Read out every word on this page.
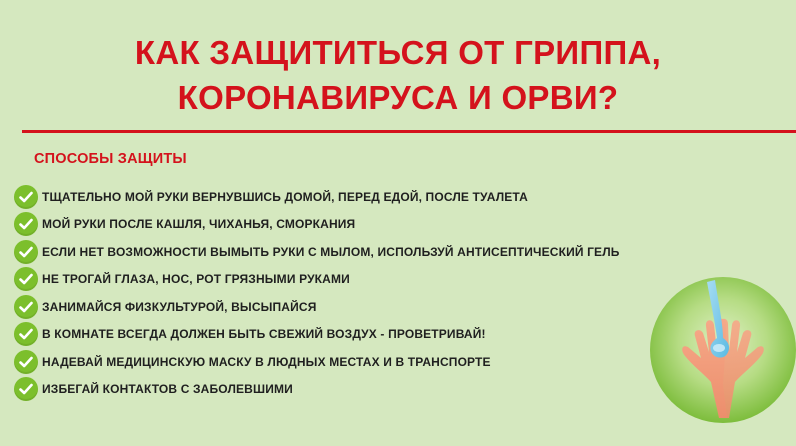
КАК ЗАЩИТИТЬСЯ ОТ ГРИППА,
КОРОНАВИРУСА И ОРВИ?
СПОСОБЫ ЗАЩИТЫ
ТЩАТЕЛЬНО МОЙ РУКИ ВЕРНУВШИСЬ ДОМОЙ, ПЕРЕД ЕДОЙ, ПОСЛЕ ТУАЛЕТА
МОЙ РУКИ ПОСЛЕ КАШЛЯ, ЧИХАНЬЯ, СМОРКАНИЯ
ЕСЛИ НЕТ ВОЗМОЖНОСТИ ВЫМЫТЬ РУКИ С МЫЛОМ, ИСПОЛЬЗУЙ АНТИСЕПТИЧЕСКИЙ ГЕЛЬ
НЕ ТРОГАЙ ГЛАЗА, НОС, РОТ ГРЯЗНЫМИ РУКАМИ
ЗАНИМАЙСЯ ФИЗКУЛЬТУРОЙ, ВЫСЫПАЙСЯ
В КОМНАТЕ ВСЕГДА ДОЛЖЕН БЫТЬ СВЕЖИЙ ВОЗДУХ - ПРОВЕТРИВАЙ!
НАДЕВАЙ МЕДИЦИНСКУЮ МАСКУ В ЛЮДНЫХ МЕСТАХ И В ТРАНСПОРТЕ
ИЗБЕГАЙ КОНТАКТОВ С ЗАБОЛЕВШИМИ
